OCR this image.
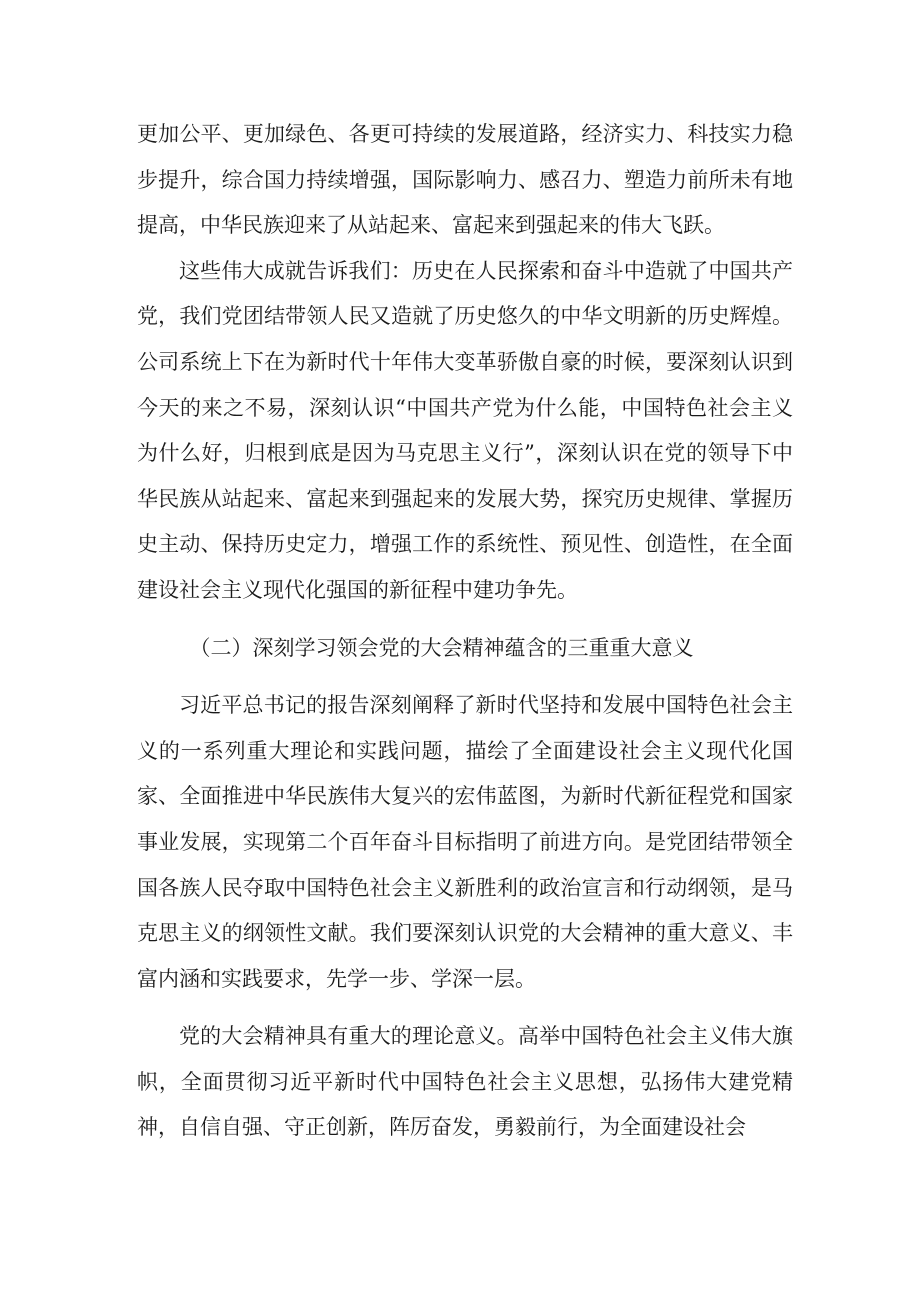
更加公平、更加绿色、各更可持续的发展道路，经济实力、科技实力稳步提升，综合国力持续增强，国际影响力、感召力、塑造力前所未有地提高，中华民族迎来了从站起来、富起来到强起来的伟大飞跃。

这些伟大成就告诉我们：历史在人民探索和奋斗中造就了中国共产党，我们党团结带领人民又造就了历史悠久的中华文明新的历史辉煌。公司系统上下在为新时代十年伟大变革骄傲自豪的时候，要深刻认识到今天的来之不易，深刻认识“中国共产党为什么能，中国特色社会主义为什么好，归根到底是因为马克思主义行”，深刻认识在党的领导下中华民族从站起来、富起来到强起来的发展大势，探究历史规律、掌握历史主动、保持历史定力，增强工作的系统性、预见性、创造性，在全面建设社会主义现代化强国的新征程中建功争先。

（二）深刻学习领会党的大会精神蕴含的三重重大意义

习近平总书记的报告深刻阐释了新时代坚持和发展中国特色社会主义的一系列重大理论和实践问题，描绘了全面建设社会主义现代化国家、全面推进中华民族伟大复兴的宏伟蓝图，为新时代新征程党和国家事业发展，实现第二个百年奋斗目标指明了前进方向。是党团结带领全国各族人民夺取中国特色社会主义新胜利的政治宣言和行动纲领，是马克思主义的纲领性文献。我们要深刻认识党的大会精神的重大意义、丰富内涵和实践要求，先学一步、学深一层。

党的大会精神具有重大的理论意义。高举中国特色社会主义伟大旗帜，全面贯彻习近平新时代中国特色社会主义思想，弘扬伟大建党精神，自信自强、守正创新，阵厉奋发，勇毅前行，为全面建设社会
